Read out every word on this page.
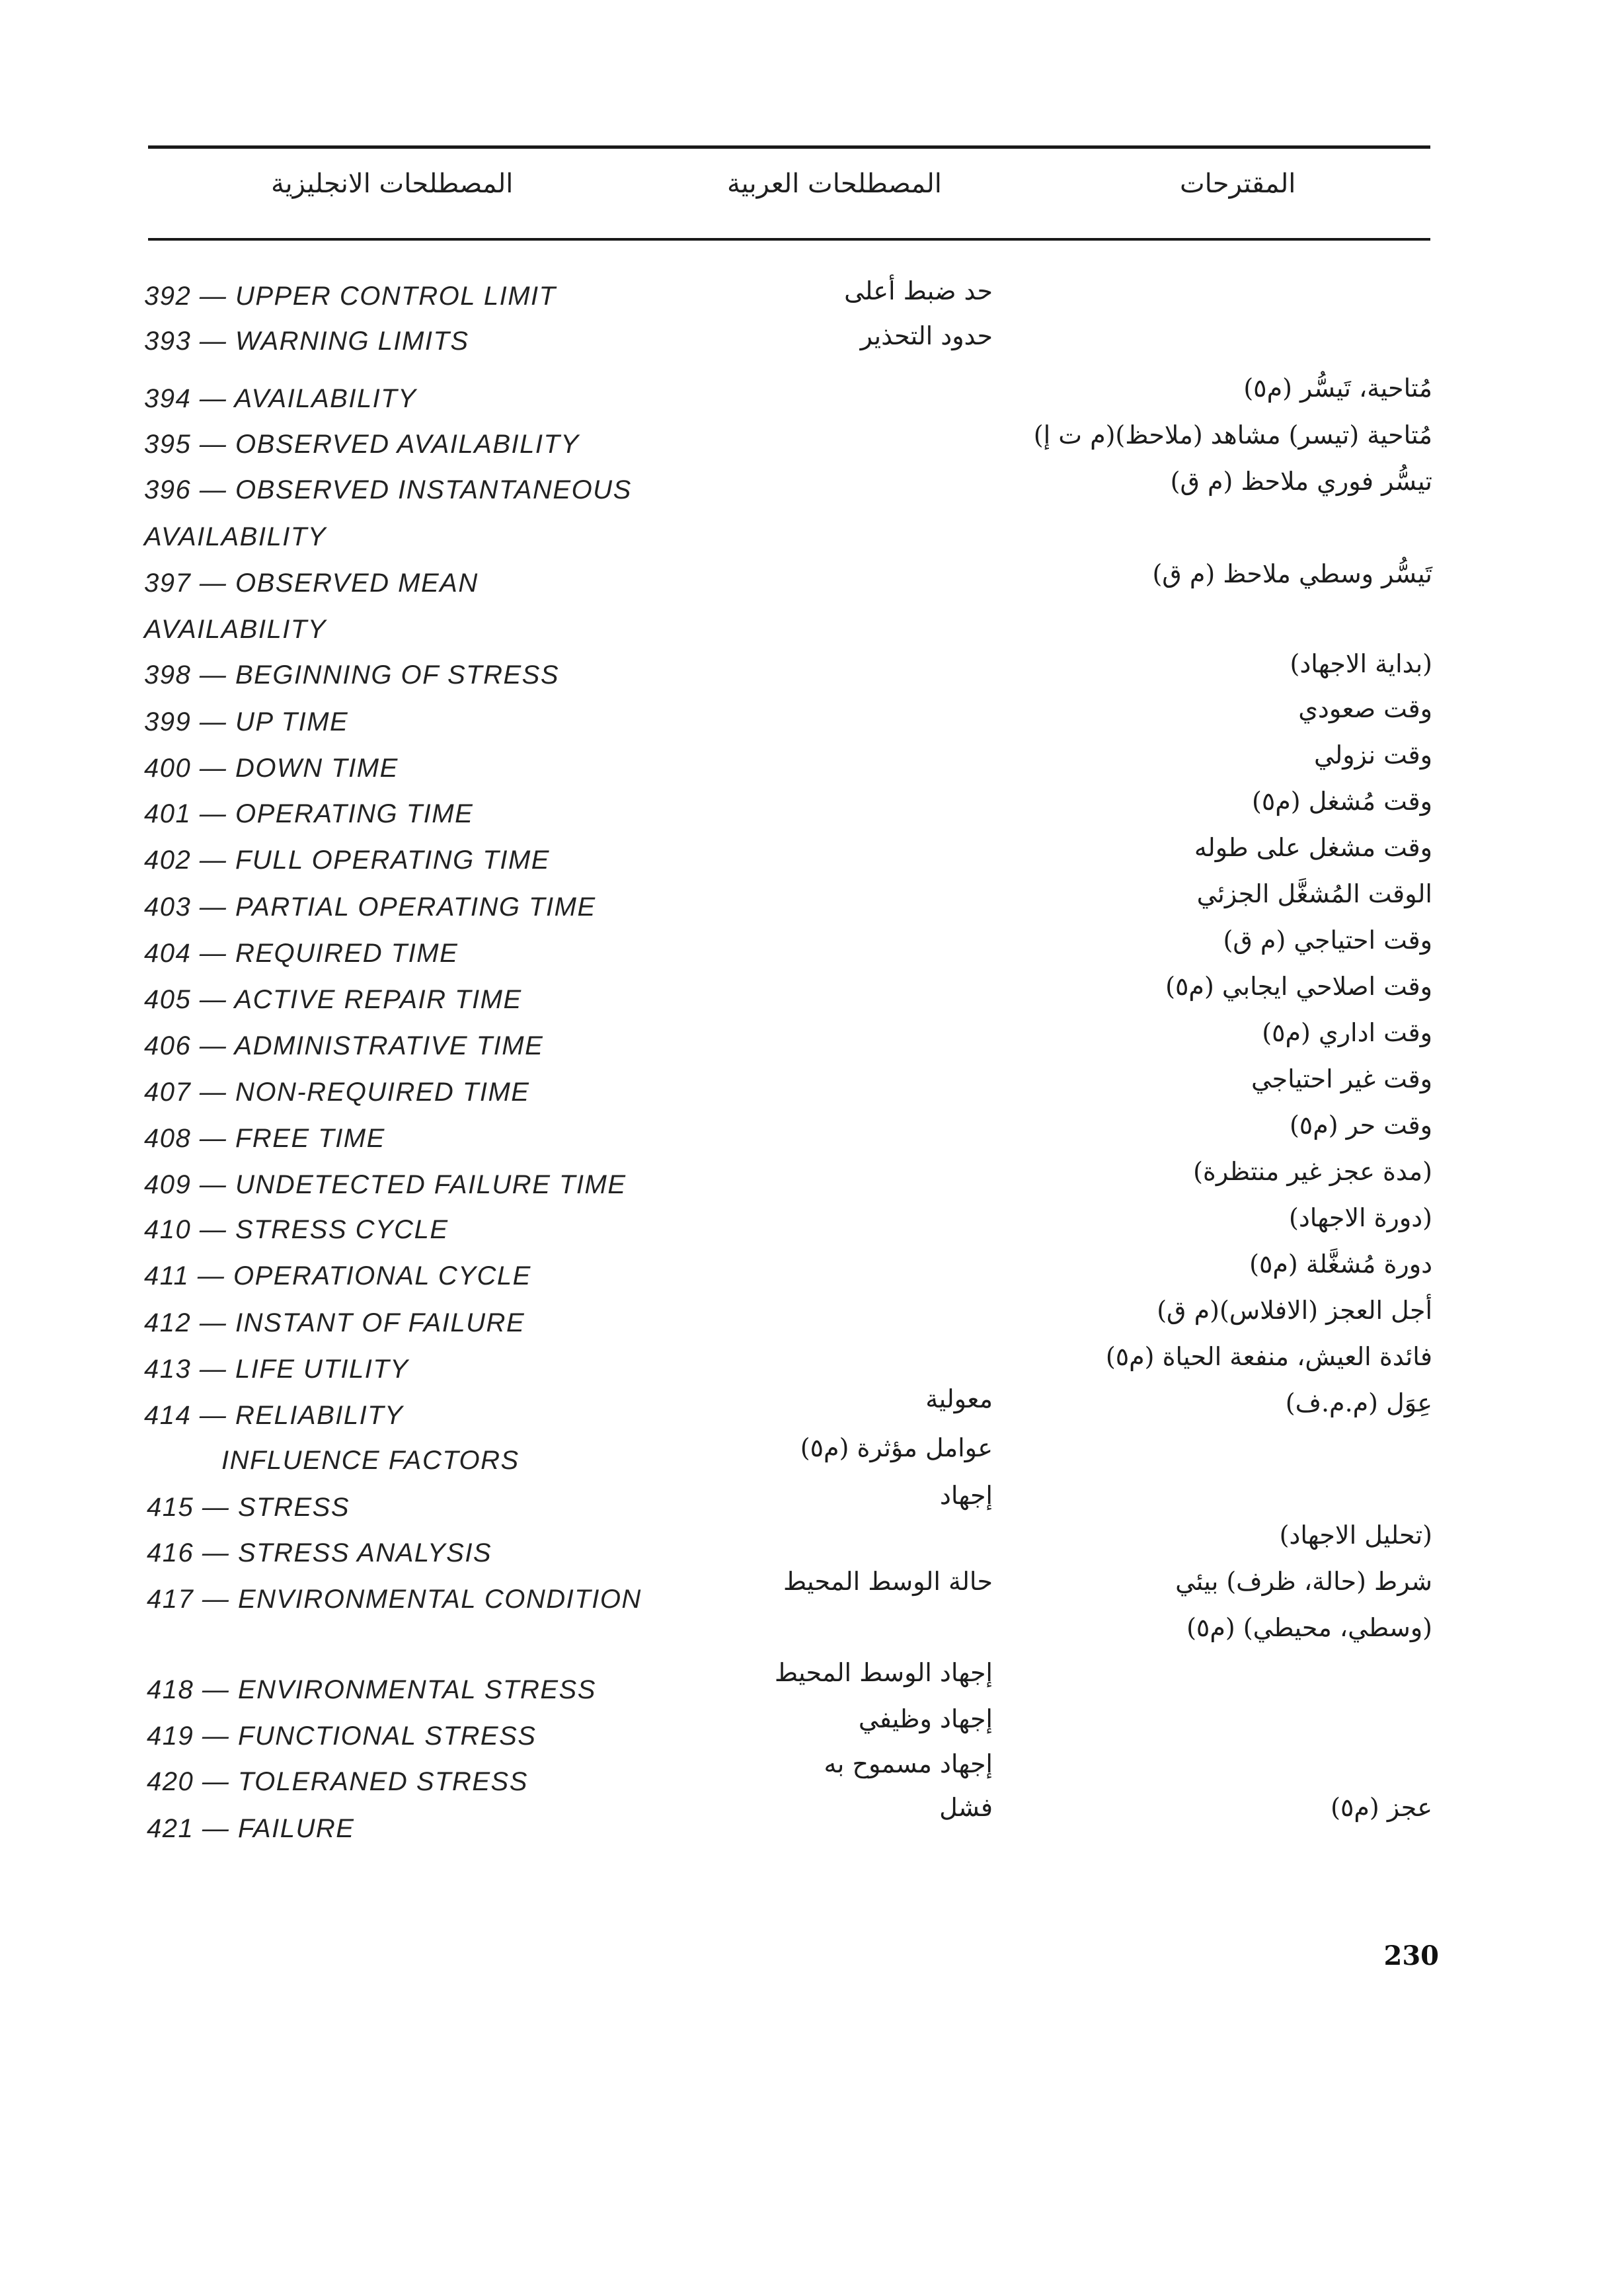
المصطلحات الانجليزية	المصطلحات العربية	المقترحات
392 — UPPER CONTROL LIMIT
393 — WARNING LIMITS
394 — AVAILABILITY
395 — OBSERVED AVAILABILITY
396 — OBSERVED INSTANTANEOUS
AVAILABILITY
397 — OBSERVED MEAN
AVAILABILITY
398 — BEGINNING OF STRESS
399 — UP TIME
400 — DOWN TIME
401 — OPERATING TIME
402 — FULL OPERATING TIME
403 — PARTIAL OPERATING TIME
404 — REQUIRED TIME
405 — ACTIVE REPAIR TIME
406 — ADMINISTRATIVE TIME
407 — NON-REQUIRED TIME
408 — FREE TIME
409 — UNDETECTED FAILURE TIME
410 — STRESS CYCLE
411 — OPERATIONAL CYCLE
412 — INSTANT OF FAILURE
413 — LIFE UTILITY
414 — RELIABILITY
INFLUENCE FACTORS
415 — STRESS
416 — STRESS ANALYSIS
417 — ENVIRONMENTAL CONDITION
418 — ENVIRONMENTAL STRESS
419 — FUNCTIONAL STRESS
420 — TOLERANED STRESS
421 — FAILURE
حد ضبط أعلى
حدود التحذير
معولية
عوامل مؤثرة (م٥)
إجهاد
حالة الوسط المحيط
إجهاد الوسط المحيط
إجهاد وظيفي
إجهاد مسموح به
فشل
مُتاحية، تَيسُّر (م٥)
مُتاحية (تيسر) مشاهد (ملاحظ)(م ت إ)
تيسُّر فوري ملاحظ (م ق)
تَيسُّر وسطي ملاحظ (م ق)
(بداية الاجهاد)
وقت صعودي
وقت نزولي
وقت مُشغل (م٥)
وقت مشغل على طوله
الوقت المُشغَّل الجزئي
وقت احتياجي (م ق)
وقت اصلاحي ايجابي (م٥)
وقت اداري (م٥)
وقت غير احتياجي
وقت حر (م٥)
(مدة عجز غير منتظرة)
(دورة الاجهاد)
دورة مُشغَّلة (م٥)
أجل العجز (الافلاس)(م ق)
فائدة العيش، منفعة الحياة (م٥)
عِوَل (م.م.ف)
(تحليل الاجهاد)
شرط (حالة، ظرف) بيئي
(وسطي، محيطي) (م٥)
عجز (م٥)
230
